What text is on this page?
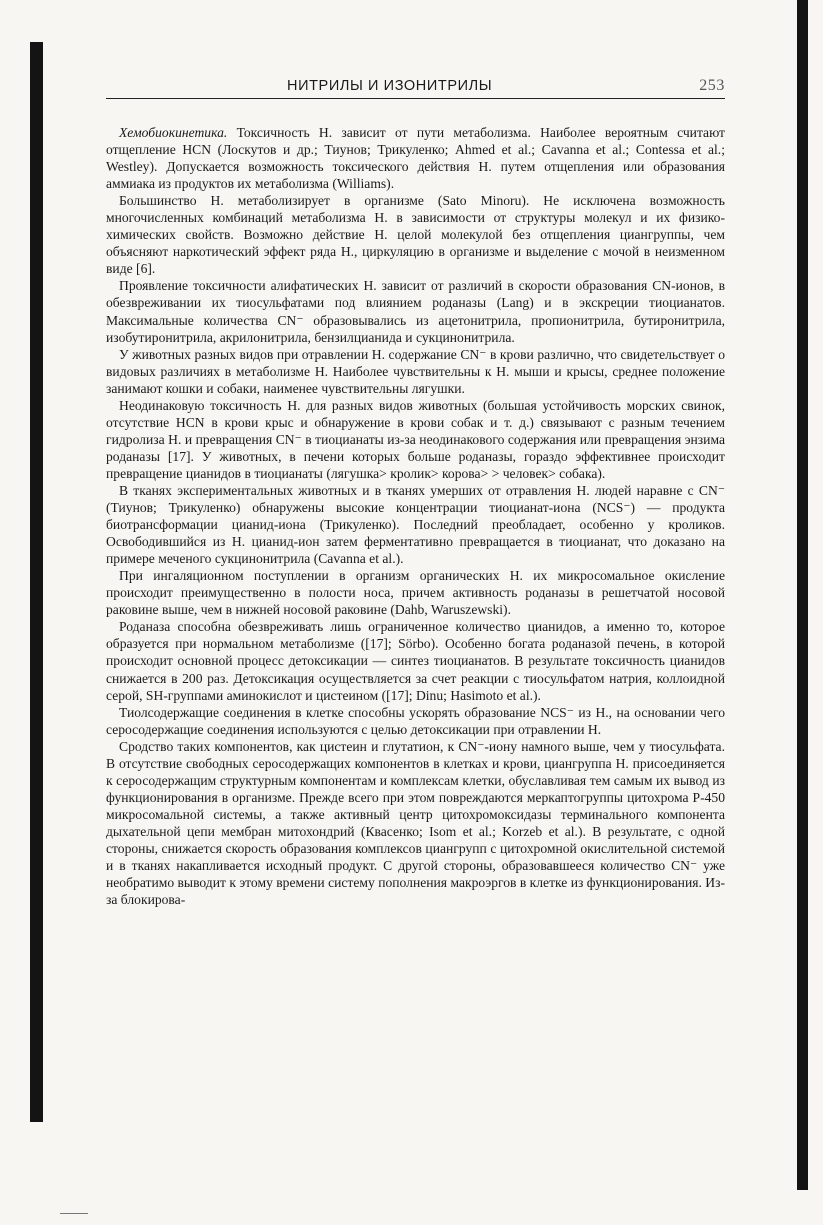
НИТРИЛЫ И ИЗОНИТРИЛЫ	253

Хемобиокинетика. Токсичность Н. зависит от пути метаболизма. Наиболее вероятным считают отщепление HCN (Лоскутов и др.; Тиунов; Трикуленко; Ahmed et al.; Cavanna et al.; Contessa et al.; Westley). Допускается возможность токсического действия Н. путем отщепления или образования аммиака из продуктов их метаболизма (Williams).

Большинство Н. метаболизирует в организме (Sato Minoru). Не исключена возможность многочисленных комбинаций метаболизма Н. в зависимости от структуры молекул и их физико-химических свойств. Возможно действие Н. целой молекулой без отщепления циангруппы, чем объясняют наркотический эффект ряда Н., циркуляцию в организме и выделение с мочой в неизменном виде [6].

Проявление токсичности алифатических Н. зависит от различий в скорости образования CN-ионов, в обезвреживании их тиосульфатами под влиянием роданазы (Lang) и в экскреции тиоцианатов. Максимальные количества CN⁻ образовывались из ацетонитрила, пропионитрила, бутиронитрила, изобутиронитрила, акрилонитрила, бензилцианида и сукцинонитрила.

У животных разных видов при отравлении Н. содержание CN⁻ в крови различно, что свидетельствует о видовых различиях в метаболизме Н. Наиболее чувствительны к Н. мыши и крысы, среднее положение занимают кошки и собаки, наименее чувствительны лягушки.

Неодинаковую токсичность Н. для разных видов животных (большая устойчивость морских свинок, отсутствие HCN в крови крыс и обнаружение в крови собак и т. д.) связывают с разным течением гидролиза Н. и превращения CN⁻ в тиоцианаты из-за неодинакового содержания или превращения энзима роданазы [17]. У животных, в печени которых больше роданазы, гораздо эффективнее происходит превращение цианидов в тиоцианаты (лягушка> кролик> корова> > человек> собака).

В тканях экспериментальных животных и в тканях умерших от отравления Н. людей наравне с CN⁻ (Тиунов; Трикуленко) обнаружены высокие концентрации тиоцианат-иона (NCS⁻) — продукта биотрансформации цианид-иона (Трикуленко). Последний преобладает, особенно у кроликов. Освободившийся из Н. цианид-ион затем ферментативно превращается в тиоцианат, что доказано на примере меченого сукцинонитрила (Cavanna et al.).

При ингаляционном поступлении в организм органических Н. их микросомальное окисление происходит преимущественно в полости носа, причем активность роданазы в решетчатой носовой раковине выше, чем в нижней носовой раковине (Dahb, Waruszewski).

Роданаза способна обезвреживать лишь ограниченное количество цианидов, а именно то, которое образуется при нормальном метаболизме ([17]; Sörbo). Особенно богата роданазой печень, в которой происходит основной процесс детоксикации — синтез тиоцианатов. В результате токсичность цианидов снижается в 200 раз. Детоксикация осуществляется за счет реакции с тиосульфатом натрия, коллоидной серой, SH-группами аминокислот и цистеином ([17]; Dinu; Hasimoto et al.).

Тиолсодержащие соединения в клетке способны ускорять образование NCS⁻ из Н., на основании чего серосодержащие соединения используются с целью детоксикации при отравлении Н.

Сродство таких компонентов, как цистеин и глутатион, к CN⁻-иону намного выше, чем у тиосульфата. В отсутствие свободных серосодержащих компонентов в клетках и крови, циангруппа Н. присоединяется к серосодержащим структурным компонентам и комплексам клетки, обуславливая тем самым их вывод из функционирования в организме. Прежде всего при этом повреждаются меркаптогруппы цитохрома P-450 микросомальной системы, а также активный центр цитохромоксидазы терминального компонента дыхательной цепи мембран митохондрий (Квасенко; Isom et al.; Korzeb et al.). В результате, с одной стороны, снижается скорость образования комплексов циангрупп с цитохромной окислительной системой и в тканях накапливается исходный продукт. С другой стороны, образовавшееся количество CN⁻ уже необратимо выводит к этому времени систему пополнения макроэргов в клетке из функционирования. Из-за блокирова-
